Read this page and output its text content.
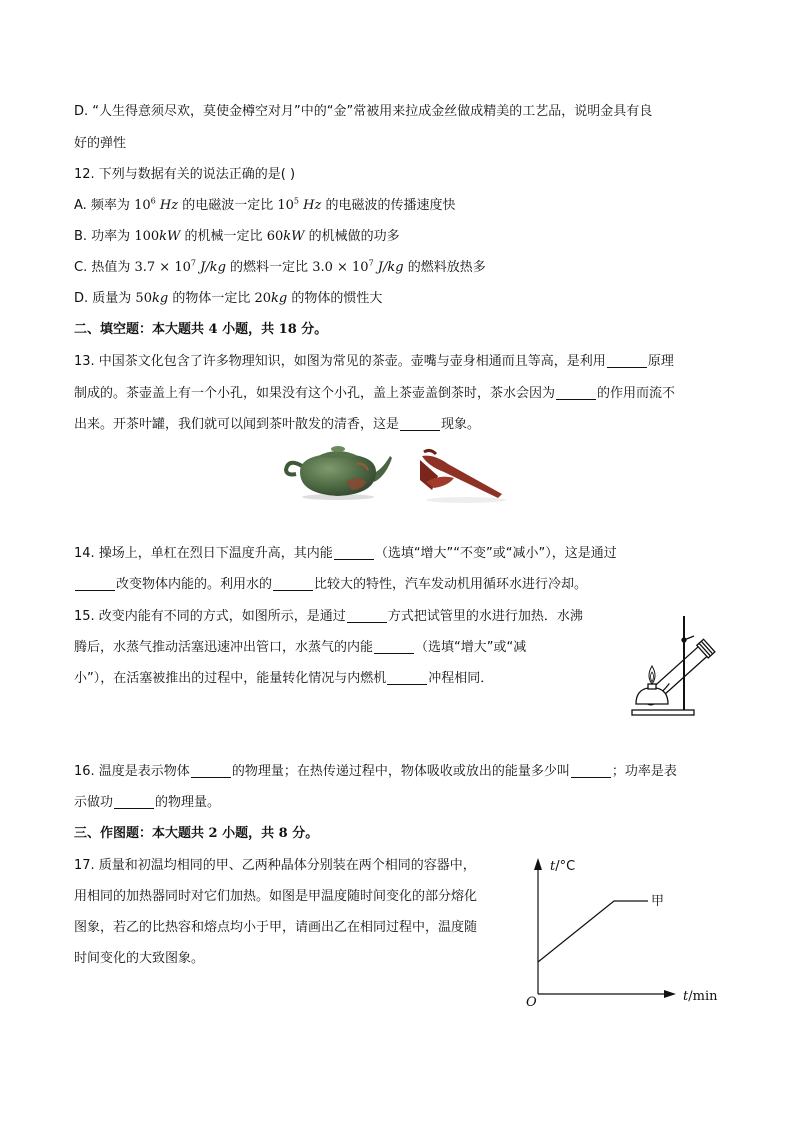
D. “人生得意须尽欢，莫使金樽空对月”中的“金”常被用来拉成金丝做成精美的工艺品，说明金具有良
好的弹性
12. 下列与数据有关的说法正确的是( )
A. 频率为 $10^6$ Hz 的电磁波一定比 $10^5$ Hz 的电磁波的传播速度快
B. 功率为 100kW 的机械一定比 60kW 的机械做的功多
C. 热值为 $3.7 \times 10^7$ J/kg 的燃料一定比 $3.0 \times 10^7$ J/kg 的燃料放热多
D. 质量为 50kg 的物体一定比 20kg 的物体的惯性大
二、填空题：本大题共 4 小题，共 18 分。
13. 中国茶文化包含了许多物理知识，如图为常见的茶壶。壶嘴与壶身相通而且等高，是利用	原理
制成的。茶壶盖上有一个小孔，如果没有这个小孔，盖上茶壶盖倒茶时，茶水会因为	的作用而流不
出来。开茶叶罐，我们就可以闻到茶叶散发的清香，这是	现象。
14. 操场上，单杠在烈日下温度升高，其内能	（选填“增大”“不变”或“减小”），这是通过
改变物体内能的。利用水的	比较大的特性，汽车发动机用循环水进行冷却。
15. 改变内能有不同的方式，如图所示，是通过	方式把试管里的水进行加热．水沸
腾后，水蒸气推动活塞迅速冲出管口，水蒸气的内能	（选填“增大”或“减
小”），在活塞被推出的过程中，能量转化情况与内燃机	冲程相同．
16. 温度是表示物体	的物理量；在热传递过程中，物体吸收或放出的能量多少叫	；功率是表
示做功	的物理量。
三、作图题：本大题共 2 小题，共 8 分。
17. 质量和初温均相同的甲、乙两种晶体分别装在两个相同的容器中，
用相同的加热器同时对它们加热。如图是甲温度随时间变化的部分熔化
图象，若乙的比热容和熔点均小于甲，请画出乙在相同过程中，温度随
时间变化的大致图象。
t/°C
甲
O	t/min
